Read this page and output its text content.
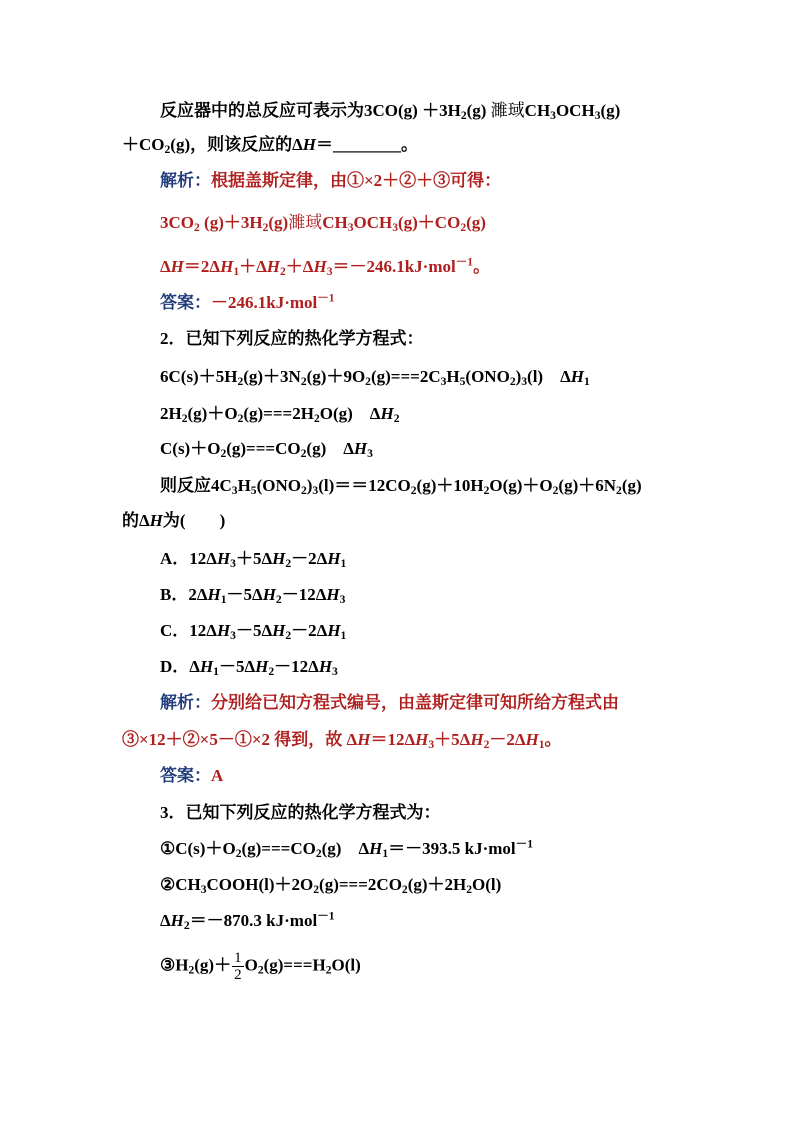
反应器中的总反应可表示为$3CO(g) +3H_2(g)$ 濉琙$CH_3OCH_3(g)$
$+CO_2(g)$，则该反应的ΔH＝________。
解析：根据盖斯定律，由①×2＋②＋③可得：
$3CO_2$ $(g)+3H_2(g)$濉琙$CH_3OCH_3(g)+CO_2(g)$
$\Delta H=2\Delta H_1+\Delta H_2+\Delta H_3=-246.1kJ\cdot mol^{-1}$。
答案：－246.1kJ·mol$^{-1}$
2．已知下列反应的热化学方程式：
$6C(s)+5H_2(g)+3N_2(g)+9O_2(g)===2C_3H_5(ONO_2)_3(l)$　$\Delta H_1$
$2H_2(g)+O_2(g)===2H_2O(g)$　$\Delta H_2$
$C(s)+O_2(g)===CO_2(g)$　$\Delta H_3$
则反应$4C_3H_5(ONO_2)_3(l)==12CO_2(g)+10H_2O(g)+O_2(g)+6N_2(g)$
的ΔH为(　　)
A．$12\Delta H_3+5\Delta H_2-2\Delta H_1$
B．$2\Delta H_1-5\Delta H_2-12\Delta H_3$
C．$12\Delta H_3-5\Delta H_2-2\Delta H_1$
D．$\Delta H_1-5\Delta H_2-12\Delta H_3$
解析：分别给已知方程式编号，由盖斯定律可知所给方程式由
③×12＋②×5－①×2 得到，故 $\Delta H=12\Delta H_3+5\Delta H_2-2\Delta H_1$。
答案：A
3．已知下列反应的热化学方程式为：
$①C(s)+O_2(g)===CO_2(g)$　$\Delta H_1=-393.5$ kJ·mol$^{-1}$
$②CH_3COOH(l)+2O_2(g)===2CO_2(g)+2H_2O(l)$
$\Delta H_2=-870.3$ kJ·mol$^{-1}$
$③H_2(g)+ \frac{1}{2} O_2(g)===H_2O(l)$
